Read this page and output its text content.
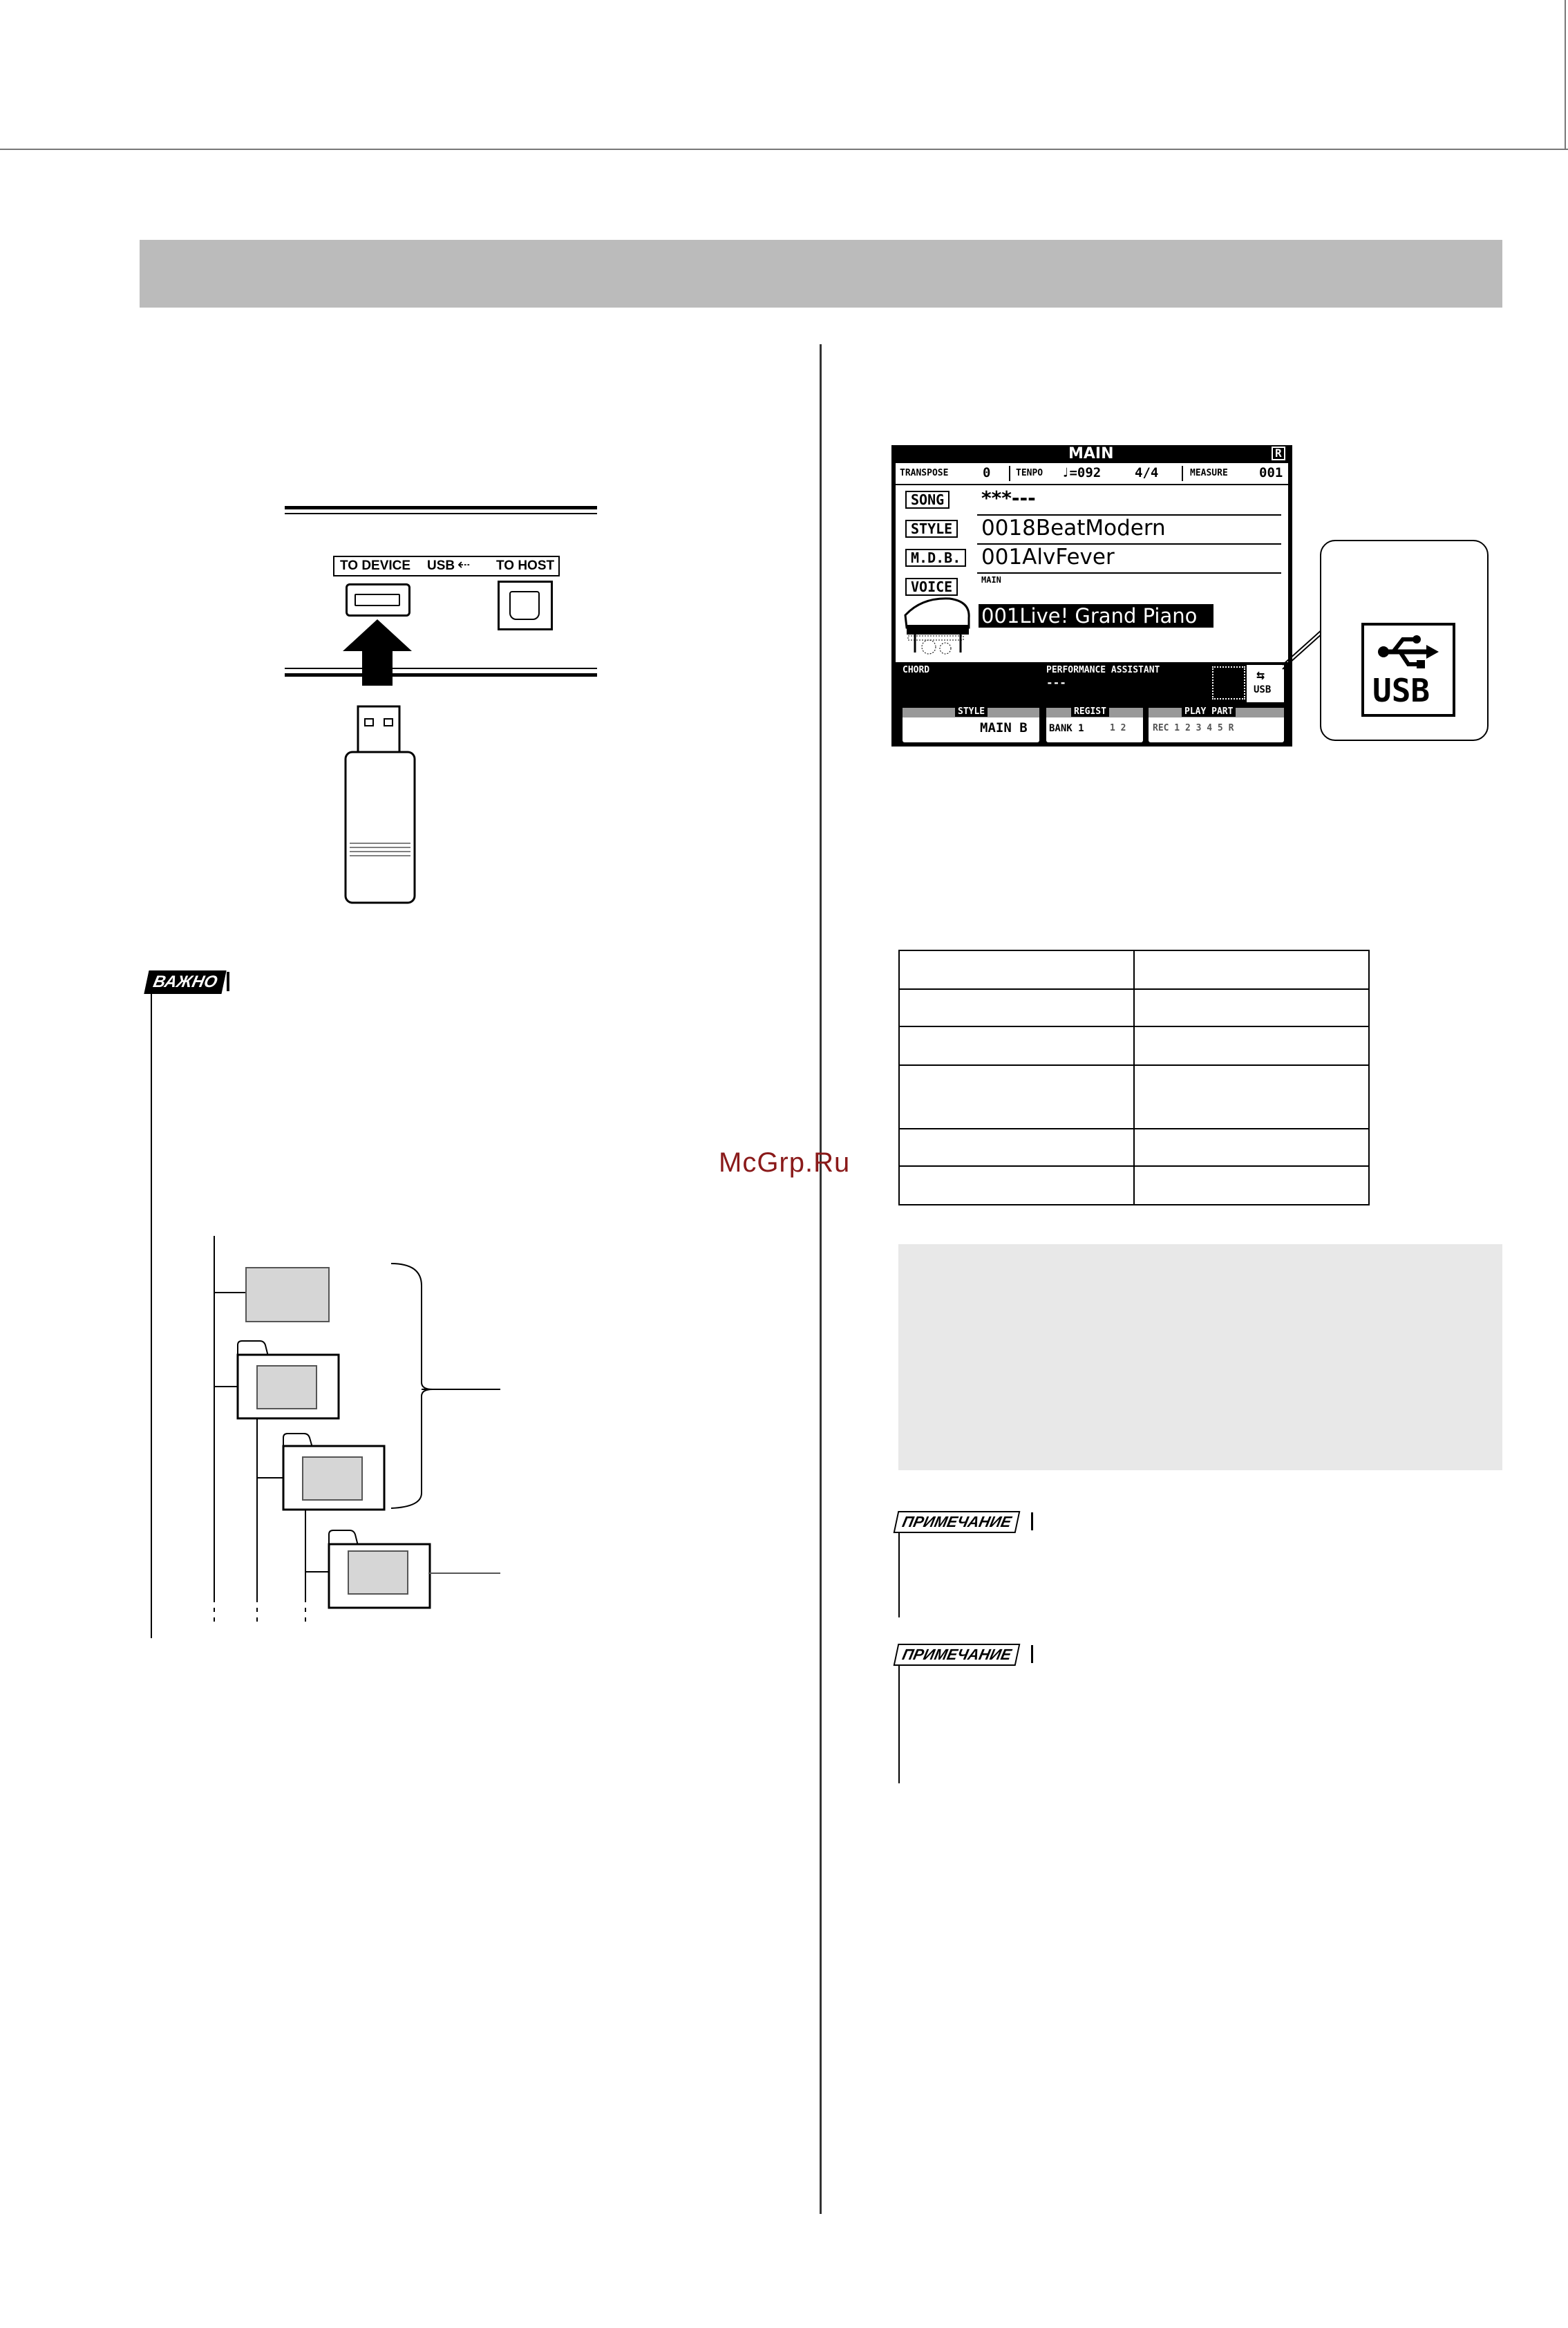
TO DEVICE USB ⇠ TO HOST
ВАЖНО
MAIN	R
TRANSPOSE	0	TENPO ♩=092	4/4	MEASURE 001
SONG ***---
STYLE 0018BeatModern
M.D.B. 001AlvFever
VOICE	MAIN
001Live! Grand Piano
CHORD	PERFORMANCE ASSISTANT
---	⇆
USB
STYLE
MAIN B
REGIST
BANK 1	1 2
PLAY PART
REC 1 2 3 4 5 R
USB

ПРИМЕЧАНИЕ
ПРИМЕЧАНИЕ
McGrp.Ru
